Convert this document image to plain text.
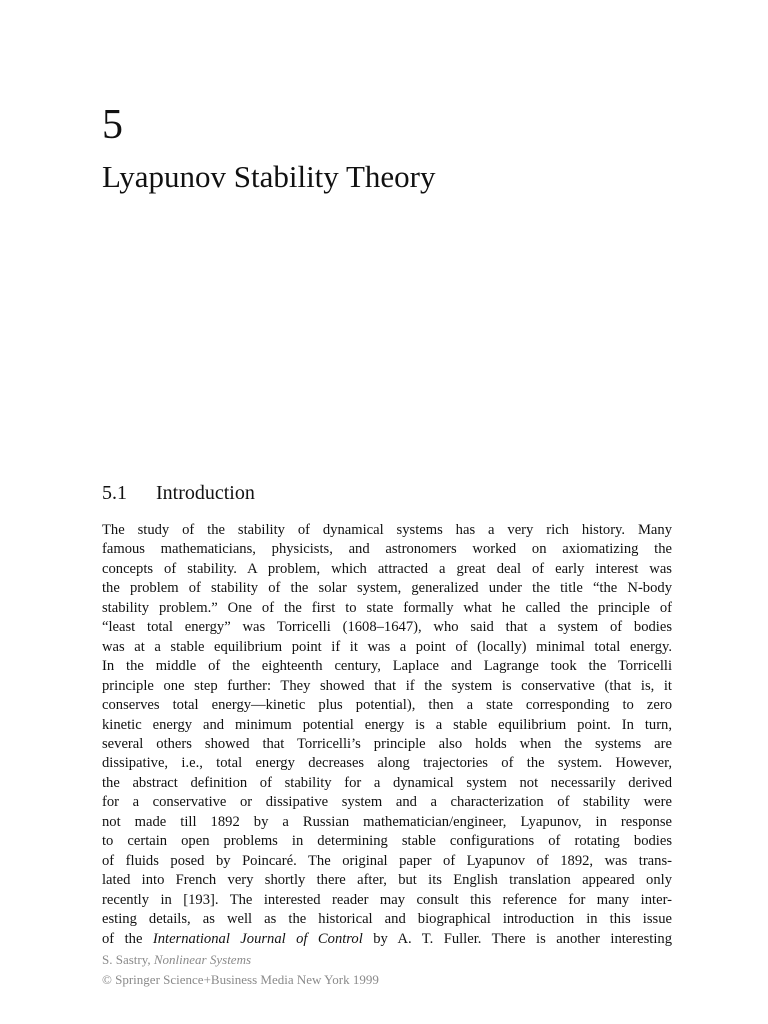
5
Lyapunov Stability Theory
5.1 Introduction
The study of the stability of dynamical systems has a very rich history. Many
famous mathematicians, physicists, and astronomers worked on axiomatizing the
concepts of stability. A problem, which attracted a great deal of early interest was
the problem of stability of the solar system, generalized under the title “the N-body
stability problem.” One of the first to state formally what he called the principle of
“least total energy” was Torricelli (1608–1647), who said that a system of bodies
was at a stable equilibrium point if it was a point of (locally) minimal total energy.
In the middle of the eighteenth century, Laplace and Lagrange took the Torricelli
principle one step further: They showed that if the system is conservative (that is, it
conserves total energy—kinetic plus potential), then a state corresponding to zero
kinetic energy and minimum potential energy is a stable equilibrium point. In turn,
several others showed that Torricelli’s principle also holds when the systems are
dissipative, i.e., total energy decreases along trajectories of the system. However,
the abstract definition of stability for a dynamical system not necessarily derived
for a conservative or dissipative system and a characterization of stability were
not made till 1892 by a Russian mathematician/engineer, Lyapunov, in response
to certain open problems in determining stable configurations of rotating bodies
of fluids posed by Poincaré. The original paper of Lyapunov of 1892, was trans-
lated into French very shortly there after, but its English translation appeared only
recently in [193]. The interested reader may consult this reference for many inter-
esting details, as well as the historical and biographical introduction in this issue
of the International Journal of Control by A. T. Fuller. There is another interesting
S. Sastry, Nonlinear Systems
© Springer Science+Business Media New York 1999
